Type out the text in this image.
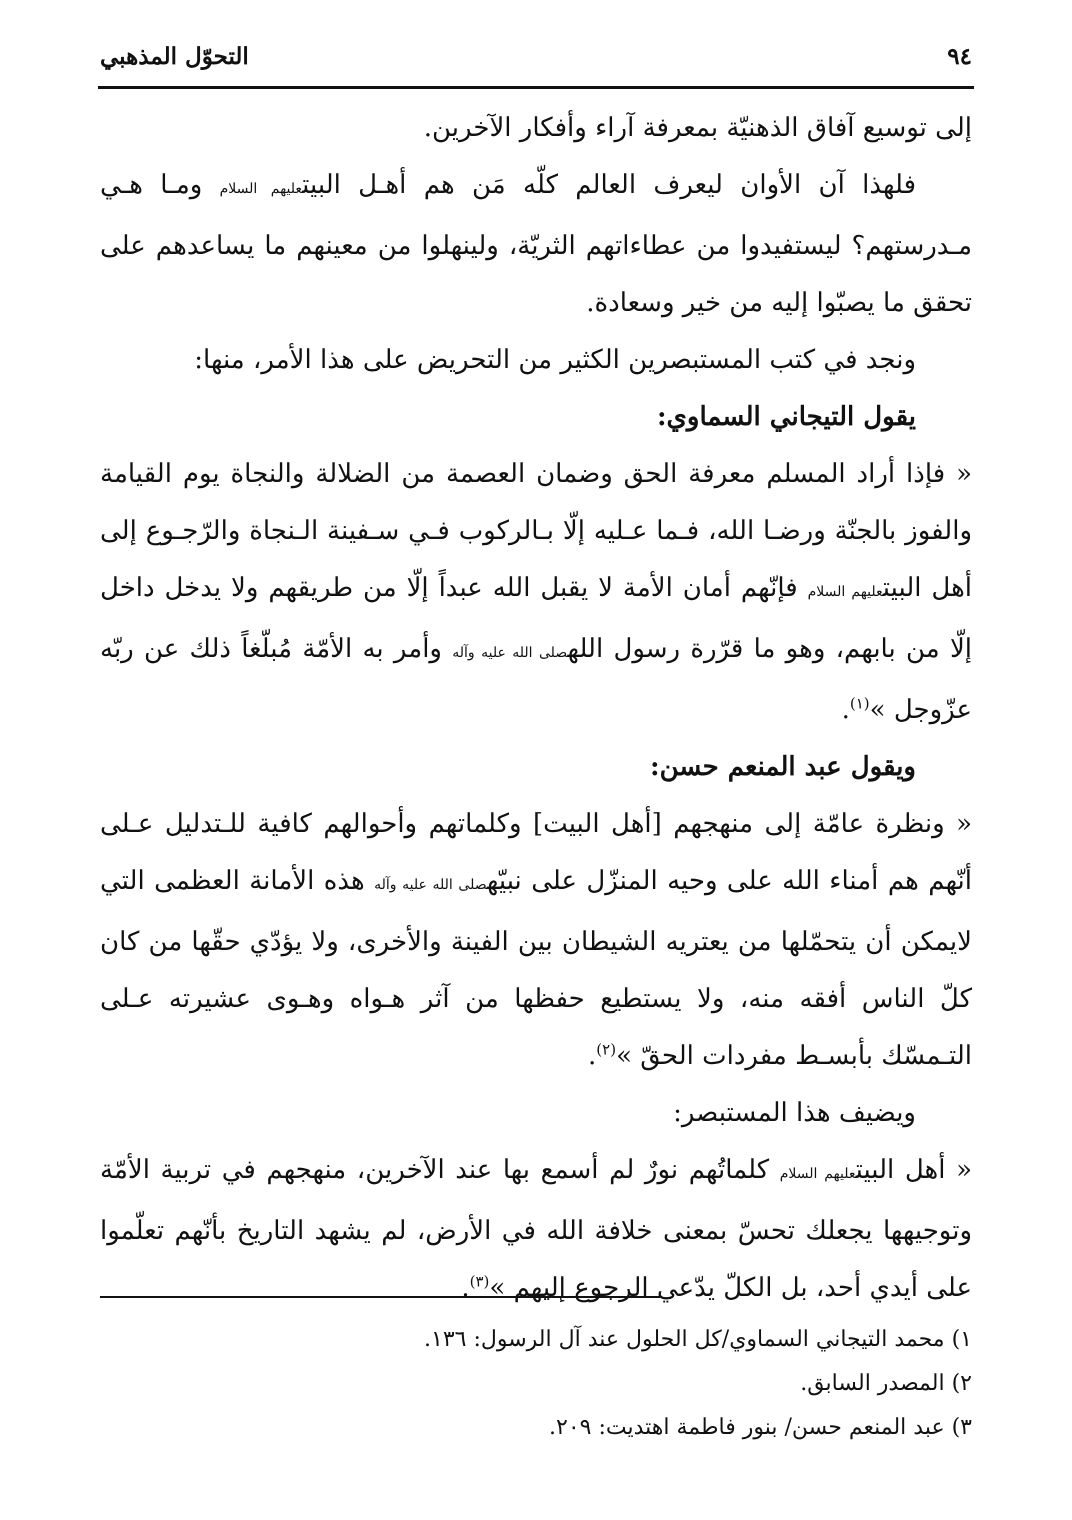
٩٤
التحوّل المذهبي

إلى توسيع آفاق الذهنيّة بمعرفة آراء وأفكار الآخرين.

فلهذا آن الأوان ليعرف العالم كلّه مَن هم أهـل البيتعليهم السلام ومـا هـي مـدرستهم؟ ليستفيدوا من عطاءاتهم الثريّة، ولينهلوا من معينهم ما يساعدهم على تحقق ما يصبّوا إليه من خير وسعادة.

ونجد في كتب المستبصرين الكثير من التحريض على هذا الأمر، منها:

يقول التيجاني السماوي:

« فإذا أراد المسلم معرفة الحق وضمان العصمة من الضلالة والنجاة يوم القيامة والفوز بالجنّة ورضـا الله، فـما عـليه إلّا بـالركوب فـي سـفينة الـنجاة والرّجـوع إلى أهل البيتعليهم السلام فإنّهم أمان الأمة لا يقبل الله عبداً إلّا من طريقهم ولا يدخل داخل إلّا من بابهم، وهو ما قرّرة رسول اللهصلى الله عليه وآله وأمر به الأمّة مُبلّغاً ذلك عن ربّه عزّوجل »$^{(١)}$.

ويقول عبد المنعم حسن:

« ونظرة عامّة إلى منهجهم [أهل البيت] وكلماتهم وأحوالهم كافية للـتدليل عـلى أنّهم هم أمناء الله على وحيه المنزّل على نبيّهصلى الله عليه وآله هذه الأمانة العظمى التي لايمكن أن يتحمّلها من يعتريه الشيطان بين الفينة والأخرى، ولا يؤدّي حقّها من كان كلّ الناس أفقه منه، ولا يستطيع حفظها من آثر هـواه وهـوى عشيرته عـلى التـمسّك بأبسـط مفردات الحقّ »$^{(٢)}$.

ويضيف هذا المستبصر:

« أهل البيتعليهم السلام كلماتُهم نورٌ لم أسمع بها عند الآخرين، منهجهم في تربية الأمّة وتوجيهها يجعلك تحسّ بمعنى خلافة الله في الأرض، لم يشهد التاريخ بأنّهم تعلّموا على أيدي أحد، بل الكلّ يدّعي الرجوع إليهم »$^{(٣)}$.

١) محمد التيجاني السماوي/كل الحلول عند آل الرسول: ١٣٦.

٢) المصدر السابق.

٣) عبد المنعم حسن/ بنور فاطمة اهتديت: ٢٠٩.
